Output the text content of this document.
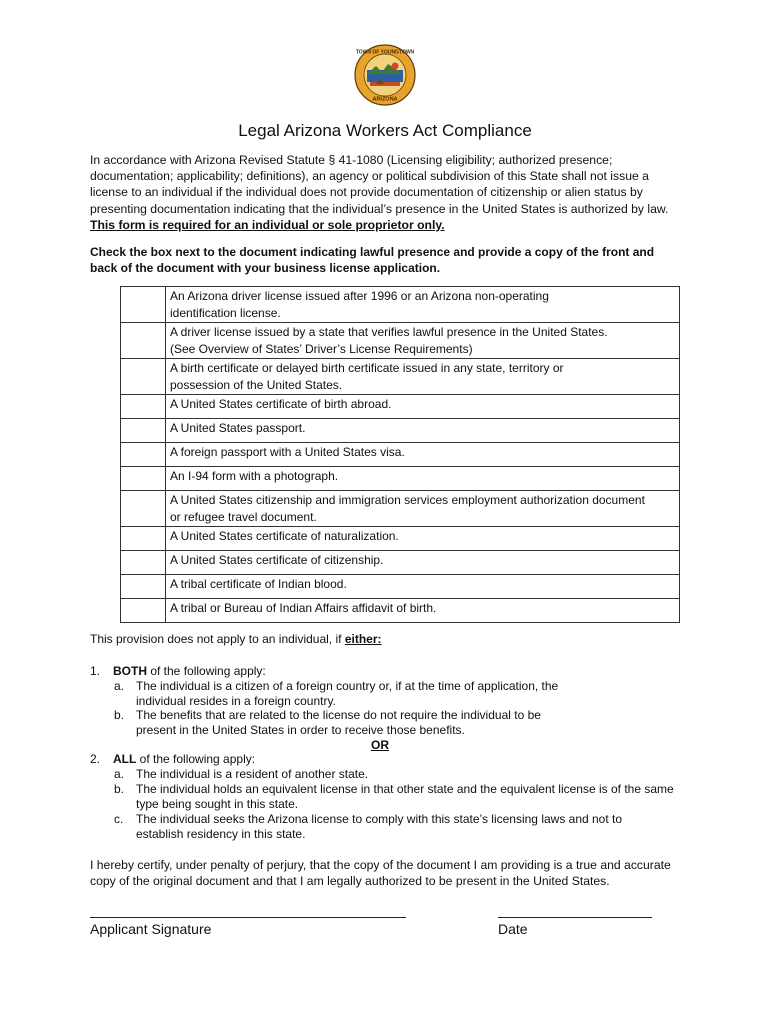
TOWN OF YOUNGTOWN
ARIZONA
Legal Arizona Workers Act Compliance
In accordance with Arizona Revised Statute § 41-1080 (Licensing eligibility; authorized presence; documentation; applicability; definitions), an agency or political subdivision of this State shall not issue a license to an individual if the individual does not provide documentation of citizenship or alien status by presenting documentation indicating that the individual’s presence in the United States is authorized by law. This form is required for an individual or sole proprietor only.
Check the box next to the document indicating lawful presence and provide a copy of the front and back of the document with your business license application.

	An Arizona driver license issued after 1996 or an Arizona non-operating
identification license.

	A driver license issued by a state that verifies lawful presence in the United States.
(See Overview of States’ Driver’s License Requirements)

	A birth certificate or delayed birth certificate issued in any state, territory or
possession of the United States.

	A United States certificate of birth abroad.

	A United States passport.

	A foreign passport with a United States visa.

	An I-94 form with a photograph.

	A United States citizenship and immigration services employment authorization document
or refugee travel document.

	A United States certificate of naturalization.

	A United States certificate of citizenship.

	A tribal certificate of Indian blood.

	A tribal or Bureau of Indian Affairs affidavit of birth.
This provision does not apply to an individual, if either:
1. BOTH of the following apply:
a. The individual is a citizen of a foreign country or, if at the time of application, the individual resides in a foreign country.
b. The benefits that are related to the license do not require the individual to be present in the United States in order to receive those benefits.
OR
2. ALL of the following apply:
a. The individual is a resident of another state.
b. The individual holds an equivalent license in that other state and the equivalent license is of the same type being sought in this state.
c. The individual seeks the Arizona license to comply with this state’s licensing laws and not to establish residency in this state.
I hereby certify, under penalty of perjury, that the copy of the document I am providing is a true and accurate copy of the original document and that I am legally authorized to be present in the United States.
Applicant Signature	Date
